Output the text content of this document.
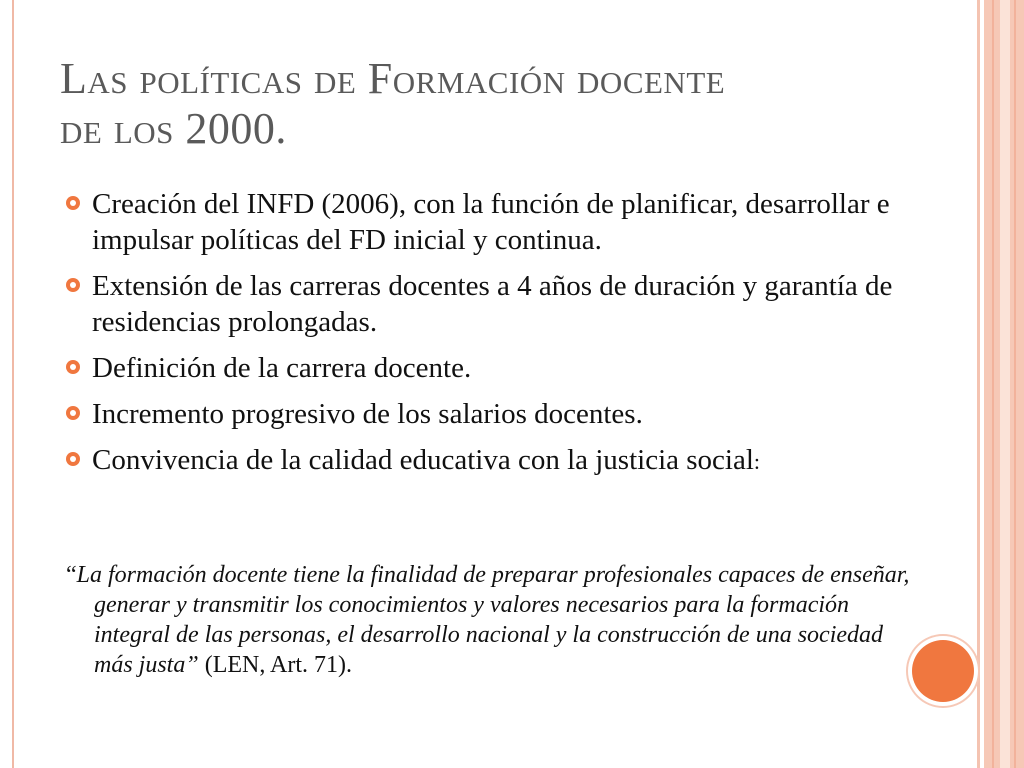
Las políticas de Formación docente
de los 2000.
Creación del INFD (2006), con la función de planificar, desarrollar e impulsar políticas del FD inicial y continua.
Extensión de las carreras docentes a 4 años de duración y garantía de residencias prolongadas.
Definición de la carrera docente.
Incremento progresivo de los salarios docentes.
Convivencia de la calidad educativa con la justicia social:
“La formación docente tiene la finalidad de preparar profesionales capaces de enseñar, generar y transmitir los conocimientos y valores necesarios para la formación integral de las personas, el desarrollo nacional y la construcción de una sociedad más justa” (LEN, Art. 71).
